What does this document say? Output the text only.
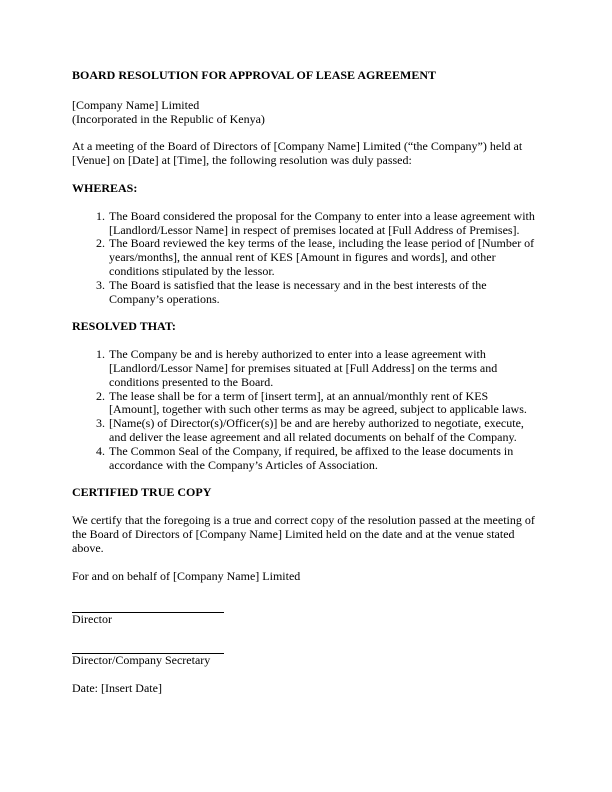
BOARD RESOLUTION FOR APPROVAL OF LEASE AGREEMENT

[Company Name] Limited
(Incorporated in the Republic of Kenya)

At a meeting of the Board of Directors of [Company Name] Limited (“the Company”) held at [Venue] on [Date] at [Time], the following resolution was duly passed:

WHEREAS:

1. The Board considered the proposal for the Company to enter into a lease agreement with [Landlord/Lessor Name] in respect of premises located at [Full Address of Premises].
2. The Board reviewed the key terms of the lease, including the lease period of [Number of years/months], the annual rent of KES [Amount in figures and words], and other conditions stipulated by the lessor.
3. The Board is satisfied that the lease is necessary and in the best interests of the Company’s operations.

RESOLVED THAT:

1. The Company be and is hereby authorized to enter into a lease agreement with [Landlord/Lessor Name] for premises situated at [Full Address] on the terms and conditions presented to the Board.
2. The lease shall be for a term of [insert term], at an annual/monthly rent of KES [Amount], together with such other terms as may be agreed, subject to applicable laws.
3. [Name(s) of Director(s)/Officer(s)] be and are hereby authorized to negotiate, execute, and deliver the lease agreement and all related documents on behalf of the Company.
4. The Common Seal of the Company, if required, be affixed to the lease documents in accordance with the Company’s Articles of Association.

CERTIFIED TRUE COPY

We certify that the foregoing is a true and correct copy of the resolution passed at the meeting of the Board of Directors of [Company Name] Limited held on the date and at the venue stated above.

For and on behalf of [Company Name] Limited

Director
Director/Company Secretary

Date: [Insert Date]
